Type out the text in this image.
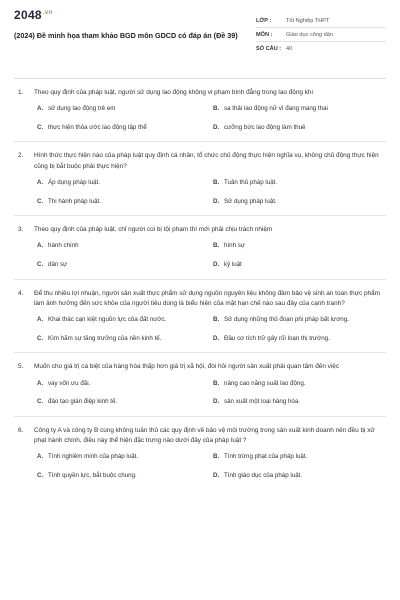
$2048^{.vn}$
(2024) Đề minh họa tham khảo BGD môn GDCD có đáp án (Đề 39)
LỚP :	Tốt Nghiệp THPT
MÔN :	Giáo dục công dân
SỐ CÂU : 40
1.	Theo quy định của pháp luật, người sử dụng lao động không vi phạm bình đẳng trong lao động khi
A. sử dụng lao động trẻ em	B. sa thải lao động nữ vì đang mang thai
C. thực hiện thỏa ước lao động tập thể	D. cưỡng bức lao động làm thuê
2.	Hình thức thực hiện nào của pháp luật quy định cá nhân, tổ chức chủ động thực hiện nghĩa vụ, không chủ động thực hiện cũng bị bắt buộc phải thực hiện?
A. Áp dụng pháp luật.	B. Tuân thủ pháp luật.
C. Thi hành pháp luật.	D. Sử dụng pháp luật.
3.	Theo quy định của pháp luật, chỉ người coi bị tội phạm thì mới phải chịu trách nhiệm
A. hành chính	B. hình sự
C. dân sự	D. kỷ luật
4.	Để thu nhiều lợi nhuận, người sản xuất thực phẩm sử dụng nguồn nguyên liệu không đảm bảo vệ sinh an toàn thực phẩm làm ảnh hưởng đến sức khỏe của người tiêu dùng là biểu hiện của mặt hạn chế nào sau đây của cạnh tranh?
A. Khai thác cạn kiệt nguồn lực của đất nước.	B. Sử dụng những thủ đoạn phi pháp bất lương.
C. Kìm hãm sự tăng trưởng của nền kinh tế.	D. Đầu cơ tích trữ gây rối loạn thị trường.
5.	Muốn cho giá trị cá biệt của hàng hóa thấp hơn giá trị xã hội, đòi hỏi người sản xuất phải quan tâm đến việc
A. vay vốn ưu đãi.	B. nâng cao năng suất lao động.
C. đào tạo gián điệp kinh tế.	D. sản xuất một loại hàng hóa.
6.	Công ty A và công ty B cùng không tuân thủ các quy định về bảo vệ môi trường trong sản xuất kinh doanh nên đều bị xử phạt hành chính, điều này thể hiện đặc trưng nào dưới đây của pháp luật ?
A. Tính nghiêm minh của pháp luật.	B. Tính trừng phạt của pháp luật.
C. Tính quyền lực, bắt buộc chung.	D. Tính giáo dục của pháp luật.
